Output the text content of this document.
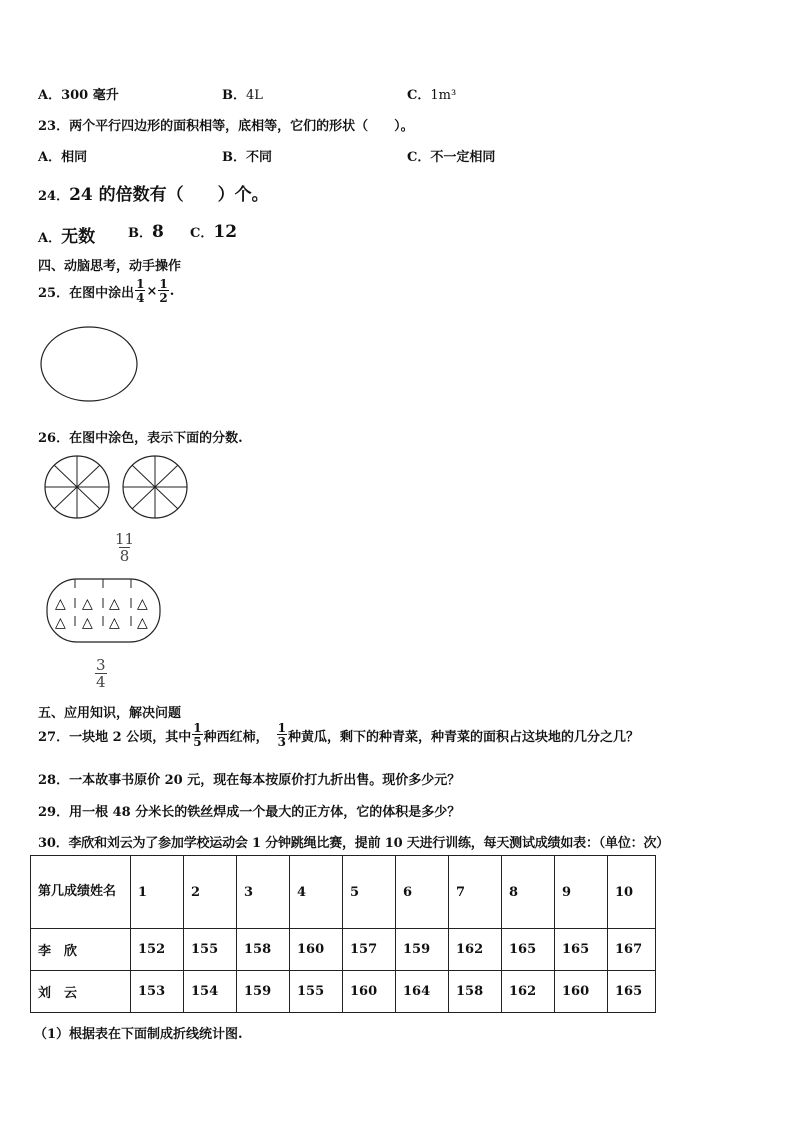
A．300 毫升	B．4L	C．1m³
23．两个平行四边形的面积相等，底相等，它们的形状（　　）。
A．相同	B．不同	C．不一定相同
24．24 的倍数有（　　）个。
A．无数	B．8 C．12
四、动脑思考，动手操作
25． 在图中涂出 $\frac{1}{4} \times \frac{1}{2}$ .
26．在图中涂色，表示下面的分数.
$\frac{11}{8}$
△ △ △ △
△ △ △ △
$\frac{3}{4}$
五、应用知识，解决问题
27． 一块地 2 公顷，其中 $\frac{1}{5}$ 种西红柿， $\frac{1}{3}$ 种黄瓜，剩下的种青菜，种青菜的面积占这块地的几分之几？
28．一本故事书原价 20 元，现在每本按原价打九折出售。现价多少元？
29．用一根 48 分米长的铁丝焊成一个最大的正方体，它的体积是多少？
30．李欣和刘云为了参加学校运动会 1 分钟跳绳比赛，提前 10 天进行训练，每天测试成绩如表：（单位：次）
第几成绩姓名	1	2	3	4	5	6	7	8	9	10
李　欣	152	155	158	160	157	159	162	165	165	167
刘　云	153	154	159	155	160	164	158	162	160	165
（1）根据表在下面制成折线统计图.
